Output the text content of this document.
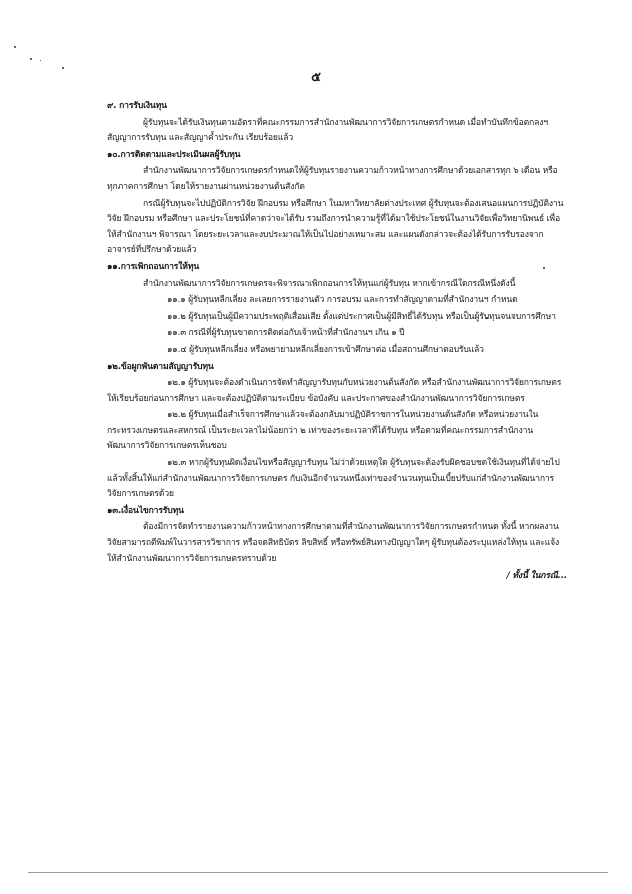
๕
๙. การรับเงินทุน
ผู้รับทุนจะได้รับเงินทุนตามอัตราที่คณะกรรมการสำนักงานพัฒนาการวิจัยการเกษตรกำหนด เมื่อทำบันทึกข้อตกลงฯ สัญญาการรับทุน และสัญญาค้ำประกัน เรียบร้อยแล้ว
๑๐.การติดตามและประเมินผลผู้รับทุน
สำนักงานพัฒนาการวิจัยการเกษตรกำหนดให้ผู้รับทุนรายงานความก้าวหน้าทางการศึกษาด้วยเอกสารทุก ๖ เดือน หรือทุกภาคการศึกษา โดยให้รายงานผ่านหน่วยงานต้นสังกัด
กรณีผู้รับทุนจะไปปฏิบัติการวิจัย ฝึกอบรม หรือศึกษา ในมหาวิทยาลัยต่างประเทศ ผู้รับทุนจะต้องเสนอแผนการปฏิบัติงานวิจัย ฝึกอบรม หรือศึกษา และประโยชน์ที่คาดว่าจะได้รับ รวมถึงการนำความรู้ที่ได้มาใช้ประโยชน์ในงานวิจัยเพื่อวิทยานิพนธ์ เพื่อให้สำนักงานฯ พิจารณา โดยระยะเวลาและงบประมาณให้เป็นไปอย่างเหมาะสม และแผนดังกล่าวจะต้องได้รับการรับรองจากอาจารย์ที่ปรึกษาด้วยแล้ว
๑๑.การเพิกถอนการให้ทุน
สำนักงานพัฒนาการวิจัยการเกษตรจะพิจารณาเพิกถอนการให้ทุนแก่ผู้รับทุน หากเข้ากรณีใดกรณีหนึ่งดังนี้
๑๑.๑ ผู้รับทุนหลีกเลี่ยง ละเลยการรายงานตัว การอบรม และการทำสัญญาตามที่สำนักงานฯ กำหนด
๑๑.๒ ผู้รับทุนเป็นผู้มีความประพฤติเสื่อมเสีย ตั้งแต่ประกาศเป็นผู้มีสิทธิ์ได้รับทุน หรือเป็นผู้รับทุนจนจบการศึกษา
๑๑.๓ กรณีที่ผู้รับทุนขาดการติดต่อกับเจ้าหน้าที่สำนักงานฯ เกิน ๑ ปี
๑๑.๔ ผู้รับทุนหลีกเลี่ยง หรือพยายามหลีกเลี่ยงการเข้าศึกษาต่อ เมื่อสถานศึกษาตอบรับแล้ว
๑๒.ข้อผูกพันตามสัญญารับทุน
๑๒.๑ ผู้รับทุนจะต้องดำเนินการจัดทำสัญญารับทุนกับหน่วยงานต้นสังกัด หรือสำนักงานพัฒนาการวิจัยการเกษตรให้เรียบร้อยก่อนการศึกษา และจะต้องปฏิบัติตามระเบียบ ข้อบังคับ และประกาศของสำนักงานพัฒนาการวิจัยการเกษตร
๑๒.๒ ผู้รับทุนเมื่อสำเร็จการศึกษาแล้วจะต้องกลับมาปฏิบัติราชการในหน่วยงานต้นสังกัด หรือหน่วยงานในกระทรวงเกษตรและสหกรณ์ เป็นระยะเวลาไม่น้อยกว่า ๒ เท่าของระยะเวลาที่ได้รับทุน หรือตามที่คณะกรรมการสำนักงานพัฒนาการวิจัยการเกษตรเห็นชอบ
๑๒.๓ หากผู้รับทุนผิดเงื่อนไขหรือสัญญารับทุน ไม่ว่าด้วยเหตุใด ผู้รับทุนจะต้องรับผิดชอบชดใช้เงินทุนที่ได้จ่ายไปแล้วทั้งสิ้นให้แก่สำนักงานพัฒนาการวิจัยการเกษตร กับเงินอีกจำนวนหนึ่งเท่าของจำนวนทุนเป็นเบี้ยปรับแก่สำนักงานพัฒนาการวิจัยการเกษตรด้วย
๑๓.เงื่อนไขการรับทุน
ต้องมีการจัดทำรายงานความก้าวหน้าทางการศึกษาตามที่สำนักงานพัฒนาการวิจัยการเกษตรกำหนด ทั้งนี้ หากผลงานวิจัยสามารถตีพิมพ์ในวารสารวิชาการ หรือจดสิทธิบัตร ลิขสิทธิ์ หรือทรัพย์สินทางปัญญาใดๆ ผู้รับทุนต้องระบุแหล่งให้ทุน และแจ้งให้สำนักงานพัฒนาการวิจัยการเกษตรทราบด้วย
/ ทั้งนี้ ในกรณี...
